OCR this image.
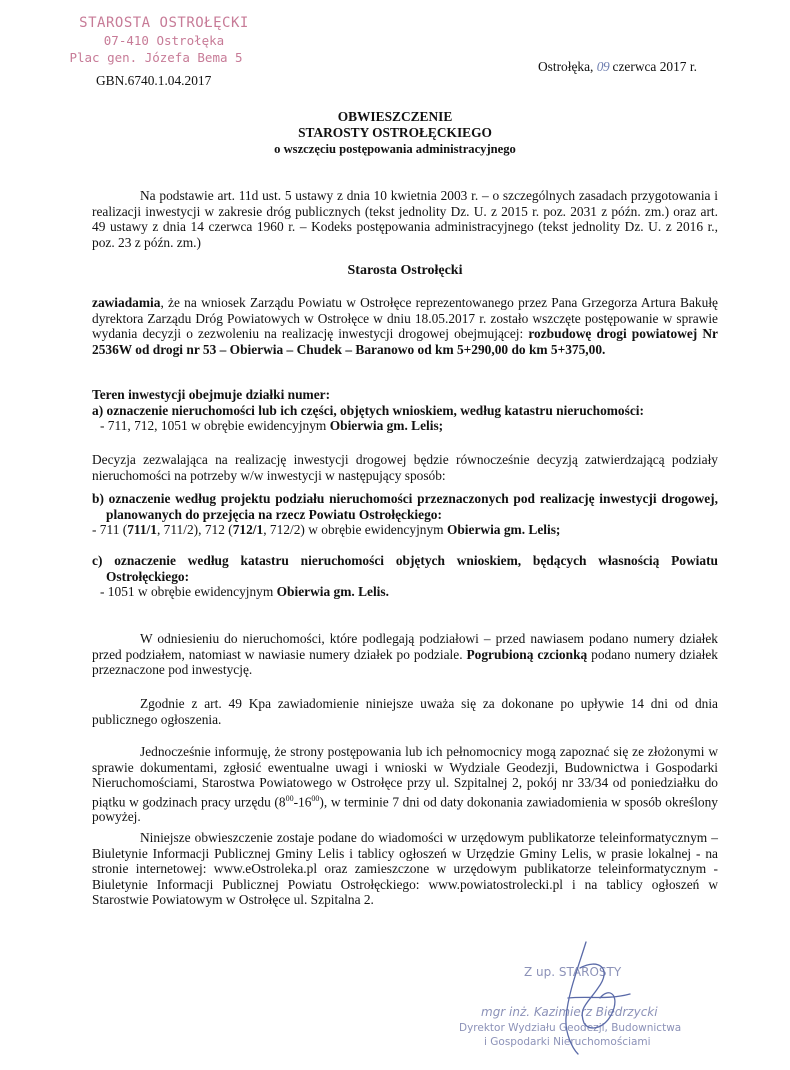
STAROSTA OSTROŁĘCKI
07-410 Ostrołęka
Plac gen. Józefa Bema 5
GBN.6740.1.04.2017
Ostrołęka, 09 czerwca 2017 r.
OBWIESZCZENIE
STAROSTY OSTROŁĘCKIEGO
o wszczęciu postępowania administracyjnego

Na podstawie art. 11d ust. 5 ustawy z dnia 10 kwietnia 2003 r. – o szczególnych zasadach przygotowania i realizacji inwestycji w zakresie dróg publicznych (tekst jednolity Dz. U. z 2015 r. poz. 2031 z późn. zm.) oraz art. 49 ustawy z dnia 14 czerwca 1960 r. – Kodeks postępowania administracyjnego (tekst jednolity Dz. U. z 2016 r., poz. 23 z późn. zm.)

Starosta Ostrołęcki

zawiadamia, że na wniosek Zarządu Powiatu w Ostrołęce reprezentowanego przez Pana Grzegorza Artura Bakułę dyrektora Zarządu Dróg Powiatowych w Ostrołęce w dniu 18.05.2017 r. zostało wszczęte postępowanie w sprawie wydania decyzji o zezwoleniu na realizację inwestycji drogowej obejmującej: rozbudowę drogi powiatowej Nr 2536W od drogi nr 53 – Obierwia – Chudek – Baranowo od km 5+290,00 do km 5+375,00.

Teren inwestycji obejmuje działki numer:

a) oznaczenie nieruchomości lub ich części, objętych wnioskiem, według katastru nieruchomości:

- 711, 712, 1051 w obrębie ewidencyjnym Obierwia gm. Lelis;

Decyzja zezwalająca na realizację inwestycji drogowej będzie równocześnie decyzją zatwierdzającą podziały nieruchomości na potrzeby w/w inwestycji w następujący sposób:

b) oznaczenie według projektu podziału nieruchomości przeznaczonych pod realizację inwestycji drogowej, planowanych do przejęcia na rzecz Powiatu Ostrołęckiego:

- 711 (711/1, 711/2), 712 (712/1, 712/2) w obrębie ewidencyjnym Obierwia gm. Lelis;

c) oznaczenie według katastru nieruchomości objętych wnioskiem, będących własnością Powiatu Ostrołęckiego:

- 1051 w obrębie ewidencyjnym Obierwia gm. Lelis.

W odniesieniu do nieruchomości, które podlegają podziałowi – przed nawiasem podano numery działek przed podziałem, natomiast w nawiasie numery działek po podziale. Pogrubioną czcionką podano numery działek przeznaczone pod inwestycję.

Zgodnie z art. 49 Kpa zawiadomienie niniejsze uważa się za dokonane po upływie 14 dni od dnia publicznego ogłoszenia.

Jednocześnie informuję, że strony postępowania lub ich pełnomocnicy mogą zapoznać się ze złożonymi w sprawie dokumentami, zgłosić ewentualne uwagi i wnioski w Wydziale Geodezji, Budownictwa i Gospodarki Nieruchomościami, Starostwa Powiatowego w Ostrołęce przy ul. Szpitalnej 2, pokój nr 33/34 od poniedziałku do piątku w godzinach pracy urzędu $(8^{00}-16^{00})$, w terminie 7 dni od daty dokonania zawiadomienia w sposób określony powyżej.

Niniejsze obwieszczenie zostaje podane do wiadomości w urzędowym publikatorze teleinformatycznym – Biuletynie Informacji Publicznej Gminy Lelis i tablicy ogłoszeń w Urzędzie Gminy Lelis, w prasie lokalnej - na stronie internetowej: www.eOstroleka.pl oraz zamieszczone w urzędowym publikatorze teleinformatycznym - Biuletynie Informacji Publicznej Powiatu Ostrołęckiego: www.powiatostrolecki.pl i na tablicy ogłoszeń w Starostwie Powiatowym w Ostrołęce ul. Szpitalna 2.

Z up. STAROSTY
mgr inż. Kazimierz Biedrzycki
Dyrektor Wydziału Geodezji, Budownictwa
i Gospodarki Nieruchomościami
